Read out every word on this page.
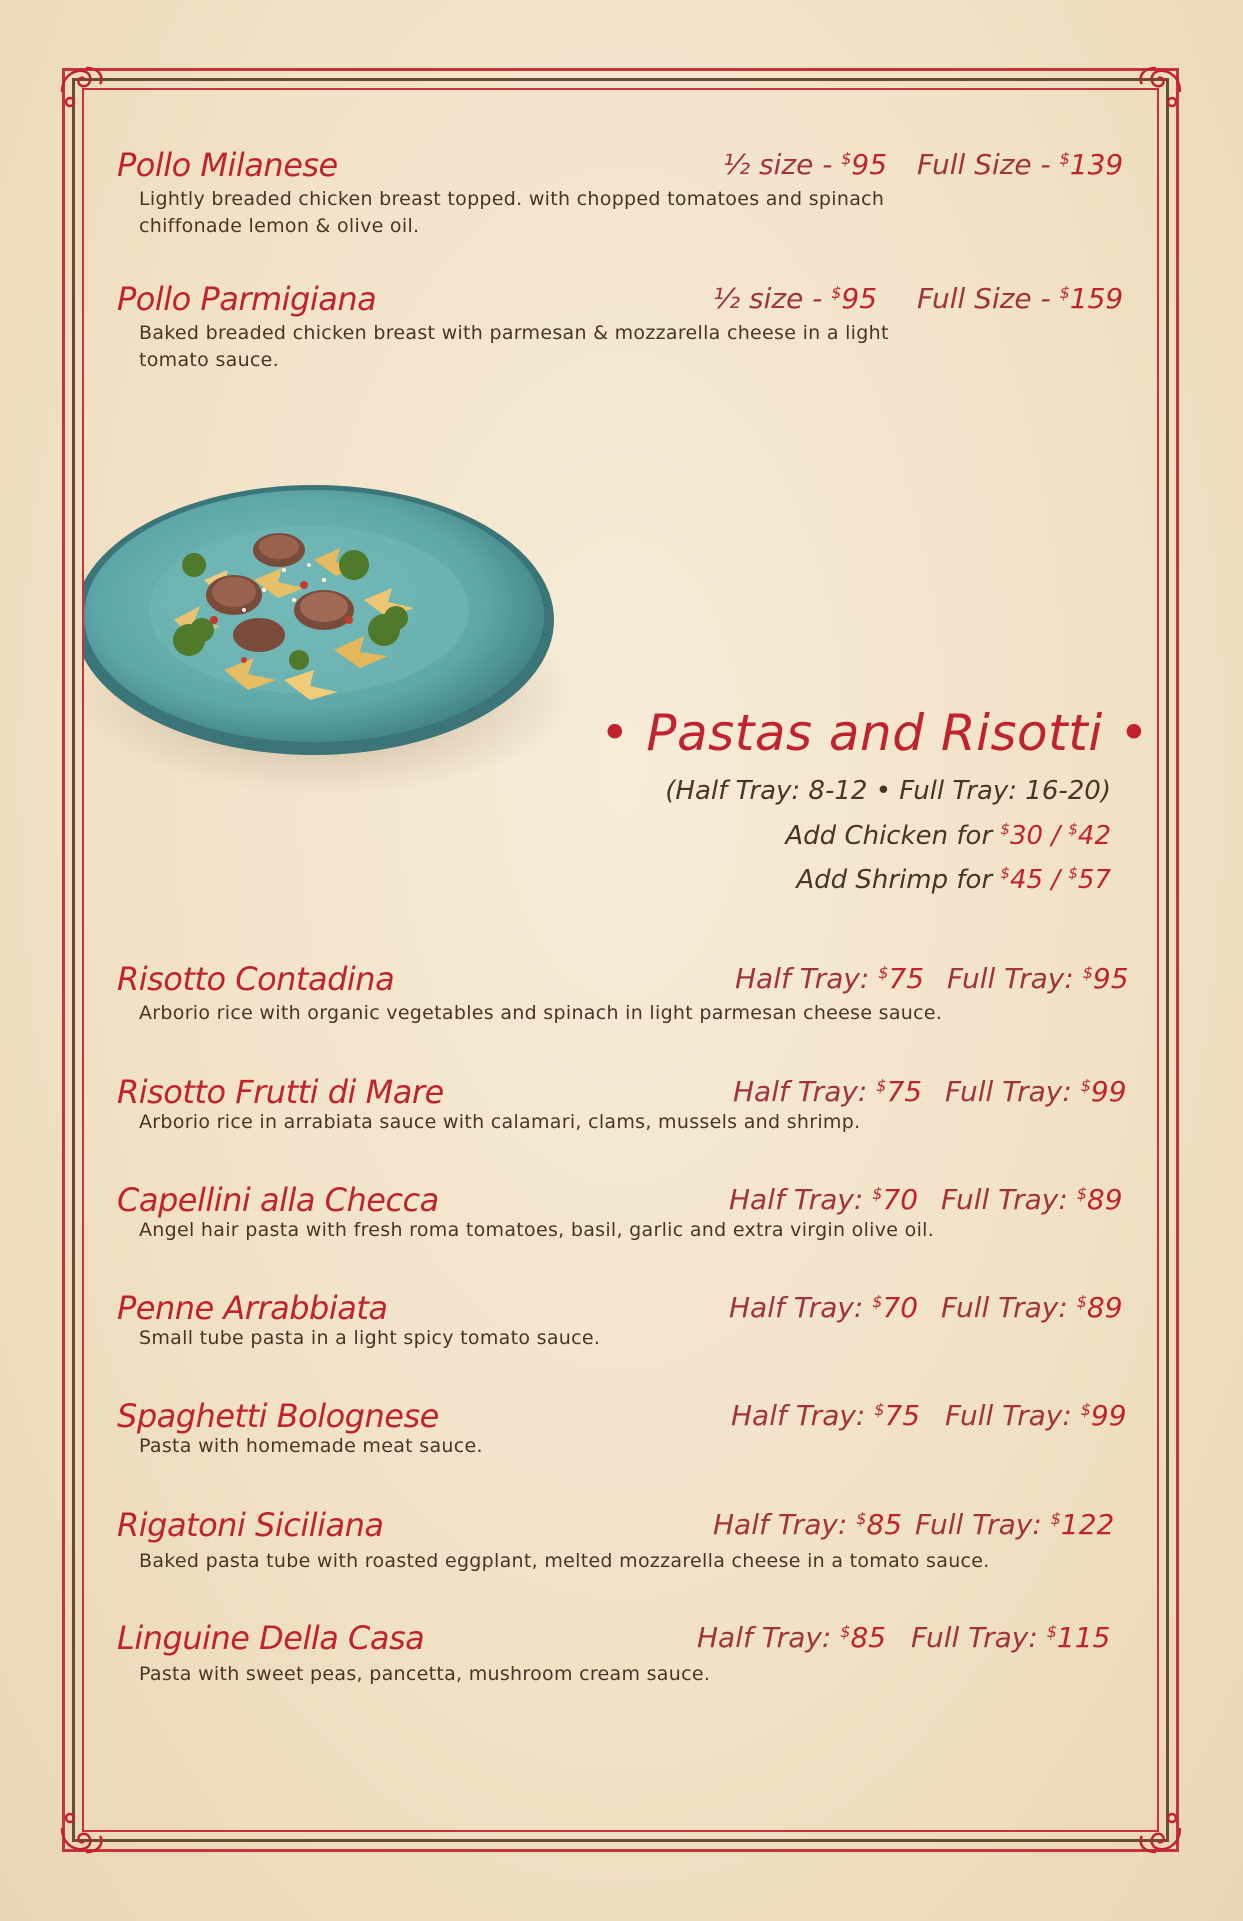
Pollo Milanese
Lightly breaded chicken breast topped. with chopped tomatoes and spinach chiffonade lemon & olive oil.
½ size - $95 Full Size - $139
Pollo Parmigiana
Baked breaded chicken breast with parmesan & mozzarella cheese in a light tomato sauce.
½ size - $95 Full Size - $159
• Pastas and Risotti •
(Half Tray: 8-12 • Full Tray: 16-20)
Add Chicken for $30 / $42
Add Shrimp for $45 / $57
Risotto Contadina
Arborio rice with organic vegetables and spinach in light parmesan cheese sauce.
Half Tray: $75 Full Tray: $95
Risotto Frutti di Mare
Arborio rice in arrabiata sauce with calamari, clams, mussels and shrimp.
Half Tray: $75 Full Tray: $99
Capellini alla Checca
Angel hair pasta with fresh roma tomatoes, basil, garlic and extra virgin olive oil.
Half Tray: $70 Full Tray: $89
Penne Arrabbiata
Small tube pasta in a light spicy tomato sauce.
Half Tray: $70 Full Tray: $89
Spaghetti Bolognese
Pasta with homemade meat sauce.
Half Tray: $75 Full Tray: $99
Rigatoni Siciliana
Baked pasta tube with roasted eggplant, melted mozzarella cheese in a tomato sauce.
Half Tray: $85 Full Tray: $122
Linguine Della Casa
Pasta with sweet peas, pancetta, mushroom cream sauce.
Half Tray: $85 Full Tray: $115
